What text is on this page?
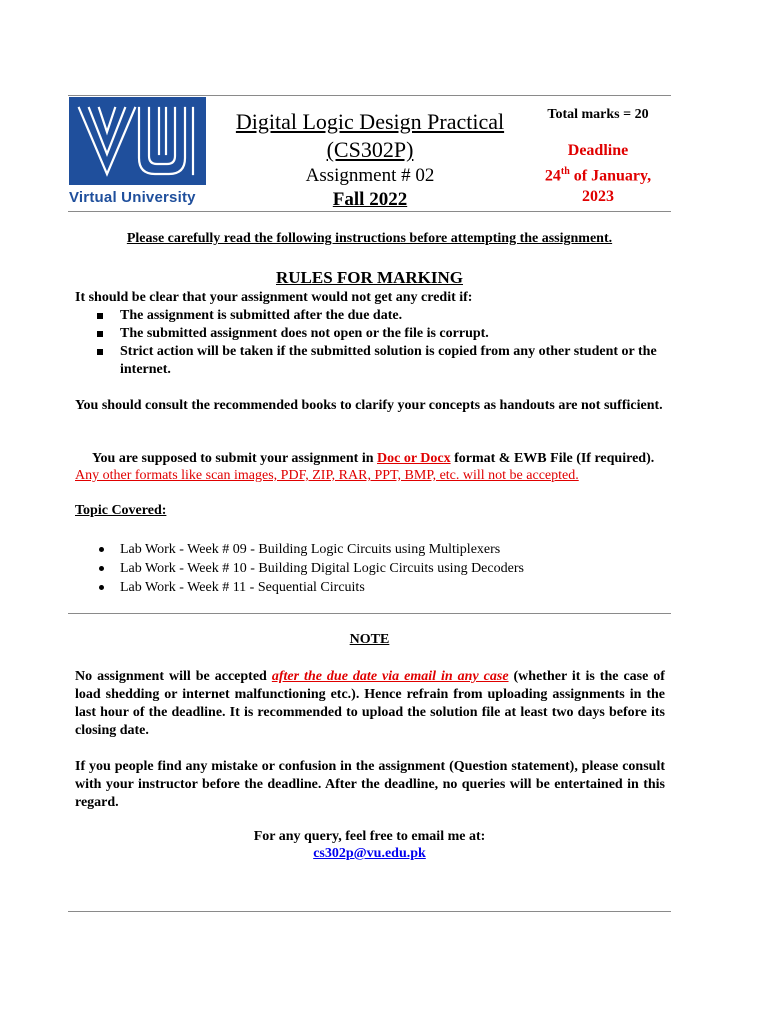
Virtual University
Digital Logic Design Practical
(CS302P)
Assignment # 02
Fall 2022
Total marks = 20
Deadline
24th of January,
2023
Please carefully read the following instructions before attempting the assignment.
RULES FOR MARKING
It should be clear that your assignment would not get any credit if:
The assignment is submitted after the due date.
The submitted assignment does not open or the file is corrupt.
Strict action will be taken if the submitted solution is copied from any other student or the internet.
You should consult the recommended books to clarify your concepts as handouts are not sufficient.
You are supposed to submit your assignment in Doc or Docx format & EWB File (If required).
Any other formats like scan images, PDF, ZIP, RAR, PPT, BMP, etc. will not be accepted.
Topic Covered:
Lab Work - Week # 09 - Building Logic Circuits using Multiplexers
Lab Work - Week # 10 - Building Digital Logic Circuits using Decoders
Lab Work - Week # 11 - Sequential Circuits
NOTE
No assignment will be accepted after the due date via email in any case (whether it is the case of load shedding or internet malfunctioning etc.). Hence refrain from uploading assignments in the last hour of the deadline. It is recommended to upload the solution file at least two days before its closing date.
If you people find any mistake or confusion in the assignment (Question statement), please consult with your instructor before the deadline. After the deadline, no queries will be entertained in this regard.
For any query, feel free to email me at:
cs302p@vu.edu.pk
